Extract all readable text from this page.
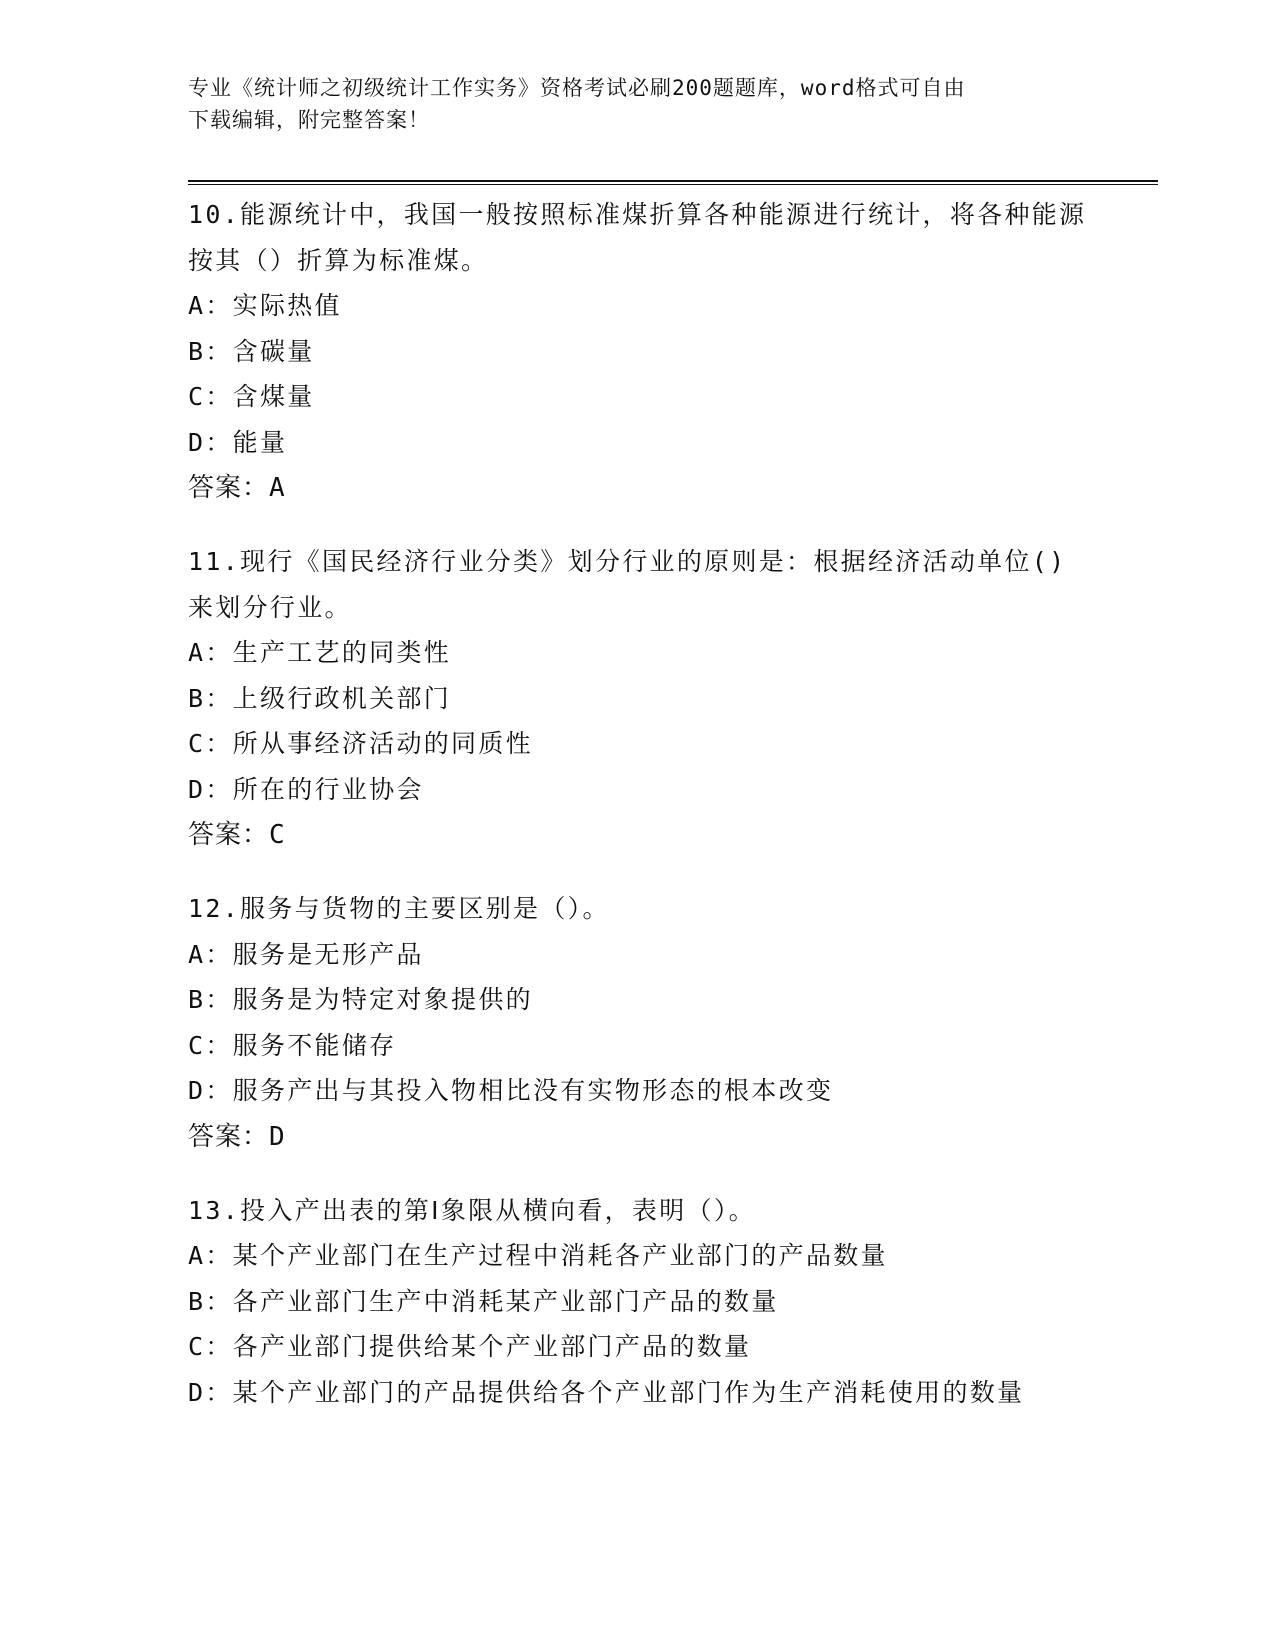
专业《统计师之初级统计工作实务》资格考试必刷200题题库，word格式可自由
下载编辑，附完整答案！
10.能源统计中，我国一般按照标准煤折算各种能源进行统计，将各种能源按其（）折算为标准煤。
A：实际热值
B：含碳量
C：含煤量
D：能量
答案：A
11.现行《国民经济行业分类》划分行业的原则是：根据经济活动单位()来划分行业。
A：生产工艺的同类性
B：上级行政机关部门
C：所从事经济活动的同质性
D：所在的行业协会
答案：C
12.服务与货物的主要区别是（）。
A：服务是无形产品
B：服务是为特定对象提供的
C：服务不能储存
D：服务产出与其投入物相比没有实物形态的根本改变
答案：D
13.投入产出表的第Ⅰ象限从横向看，表明（）。
A：某个产业部门在生产过程中消耗各产业部门的产品数量
B：各产业部门生产中消耗某产业部门产品的数量
C：各产业部门提供给某个产业部门产品的数量
D：某个产业部门的产品提供给各个产业部门作为生产消耗使用的数量
